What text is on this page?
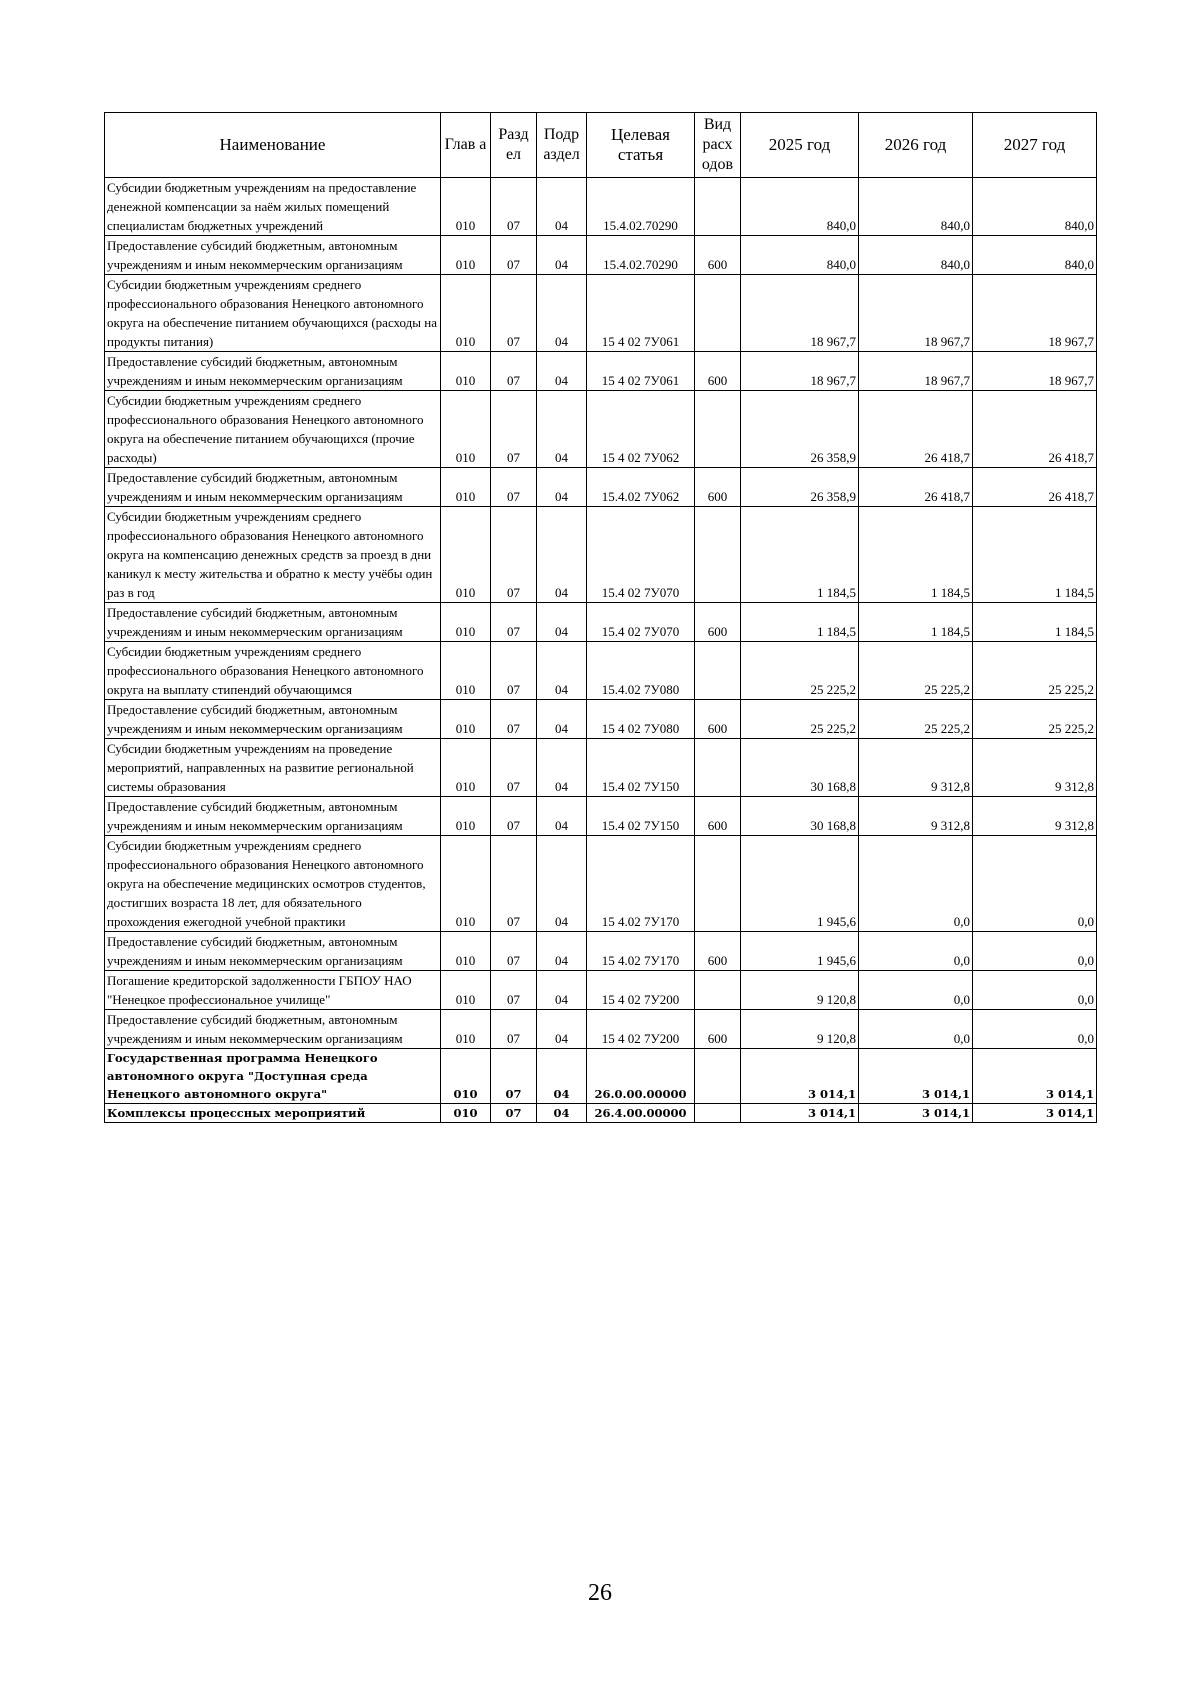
Наименование	Глав а	Разд ел	Подр аздел	Целевая статья	Вид расх одов	2025 год	2026 год	2027 год
Субсидии бюджетным учреждениям на предоставление денежной компенсации за наём жилых помещений специалистам бюджетных учреждений	010	07	04	15.4.02.70290		840,0	840,0	840,0
Предоставление субсидий бюджетным, автономным учреждениям и иным некоммерческим организациям	010	07	04	15.4.02.70290	600	840,0	840,0	840,0
Субсидии бюджетным учреждениям среднего профессионального образования Ненецкого автономного округа на обеспечение питанием обучающихся (расходы на продукты питания)	010	07	04	15 4 02 7У061		18 967,7	18 967,7	18 967,7
Предоставление субсидий бюджетным, автономным учреждениям и иным некоммерческим организациям	010	07	04	15 4 02 7У061	600	18 967,7	18 967,7	18 967,7
Субсидии бюджетным учреждениям среднего профессионального образования Ненецкого автономного округа на обеспечение питанием обучающихся (прочие расходы)	010	07	04	15 4 02 7У062		26 358,9	26 418,7	26 418,7
Предоставление субсидий бюджетным, автономным учреждениям и иным некоммерческим организациям	010	07	04	15.4.02 7У062	600	26 358,9	26 418,7	26 418,7
Субсидии бюджетным учреждениям среднего профессионального образования Ненецкого автономного округа на компенсацию денежных средств за проезд в дни каникул к месту жительства и обратно к месту учёбы один раз в год	010	07	04	15.4 02 7У070		1 184,5	1 184,5	1 184,5
Предоставление субсидий бюджетным, автономным учреждениям и иным некоммерческим организациям	010	07	04	15.4 02 7У070	600	1 184,5	1 184,5	1 184,5
Субсидии бюджетным учреждениям среднего профессионального образования Ненецкого автономного округа на выплату стипендий обучающимся	010	07	04	15.4.02 7У080		25 225,2	25 225,2	25 225,2
Предоставление субсидий бюджетным, автономным учреждениям и иным некоммерческим организациям	010	07	04	15 4 02 7У080	600	25 225,2	25 225,2	25 225,2
Субсидии бюджетным учреждениям на проведение мероприятий, направленных на развитие региональной системы образования	010	07	04	15.4 02 7У150		30 168,8	9 312,8	9 312,8
Предоставление субсидий бюджетным, автономным учреждениям и иным некоммерческим организациям	010	07	04	15.4 02 7У150	600	30 168,8	9 312,8	9 312,8
Субсидии бюджетным учреждениям среднего профессионального образования Ненецкого автономного округа на обеспечение медицинских осмотров студентов, достигших возраста 18 лет, для обязательного прохождения ежегодной учебной практики	010	07	04	15 4.02 7У170		1 945,6	0,0	0,0
Предоставление субсидий бюджетным, автономным учреждениям и иным некоммерческим организациям	010	07	04	15 4.02 7У170	600	1 945,6	0,0	0,0
Погашение кредиторской задолженности ГБПОУ НАО "Ненецкое профессиональное училище"	010	07	04	15 4 02 7У200		9 120,8	0,0	0,0
Предоставление субсидий бюджетным, автономным учреждениям и иным некоммерческим организациям	010	07	04	15 4 02 7У200	600	9 120,8	0,0	0,0
Государственная программа Ненецкого автономного округа "Доступная среда Ненецкого автономного округа"	010	07	04	26.0.00.00000		3 014,1	3 014,1	3 014,1
Комплексы процессных мероприятий	010	07	04	26.4.00.00000		3 014,1	3 014,1	3 014,1
26
